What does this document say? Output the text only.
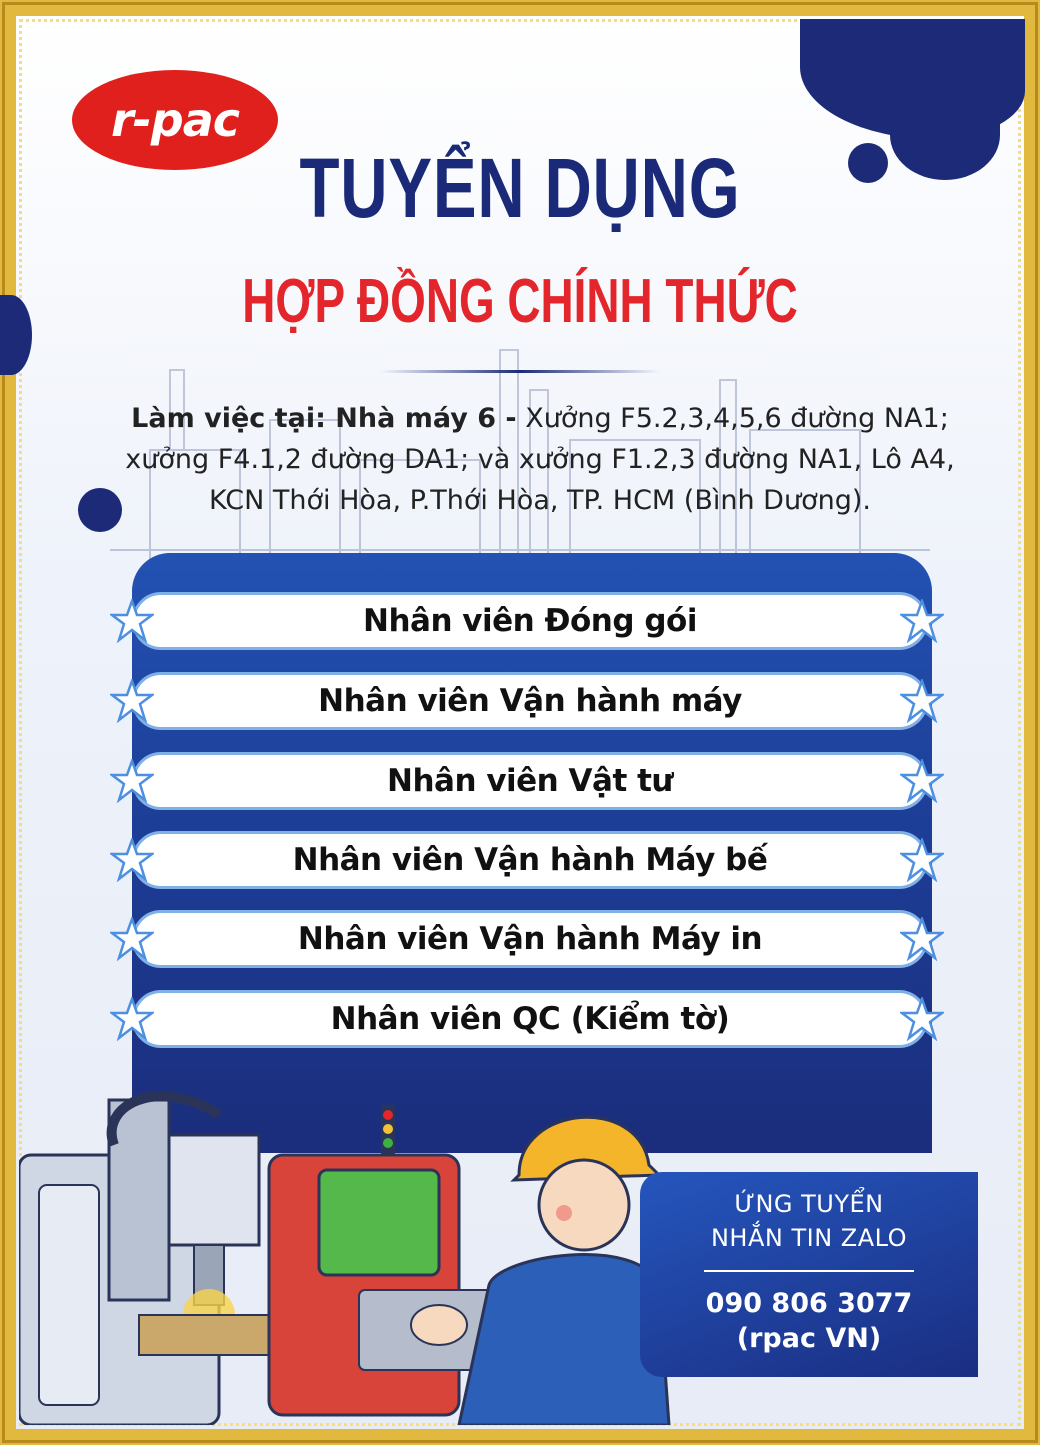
r-pac
TUYỂN DỤNG
HỢP ĐỒNG CHÍNH THỨC
Làm việc tại: Nhà máy 6 - Xưởng F5.2,3,4,5,6 đường NA1; xưởng F4.1,2 đường DA1; và xưởng F1.2,3 đường NA1, Lô A4, KCN Thới Hòa, P.Thới Hòa, TP. HCM (Bình Dương).
Nhân viên Đóng gói
Nhân viên Vận hành máy
Nhân viên Vật tư
Nhân viên Vận hành Máy bế
Nhân viên Vận hành Máy in
Nhân viên QC (Kiểm tờ)
ỨNG TUYỂN
NHẮN TIN ZALO
090 806 3077
(rpac VN)
